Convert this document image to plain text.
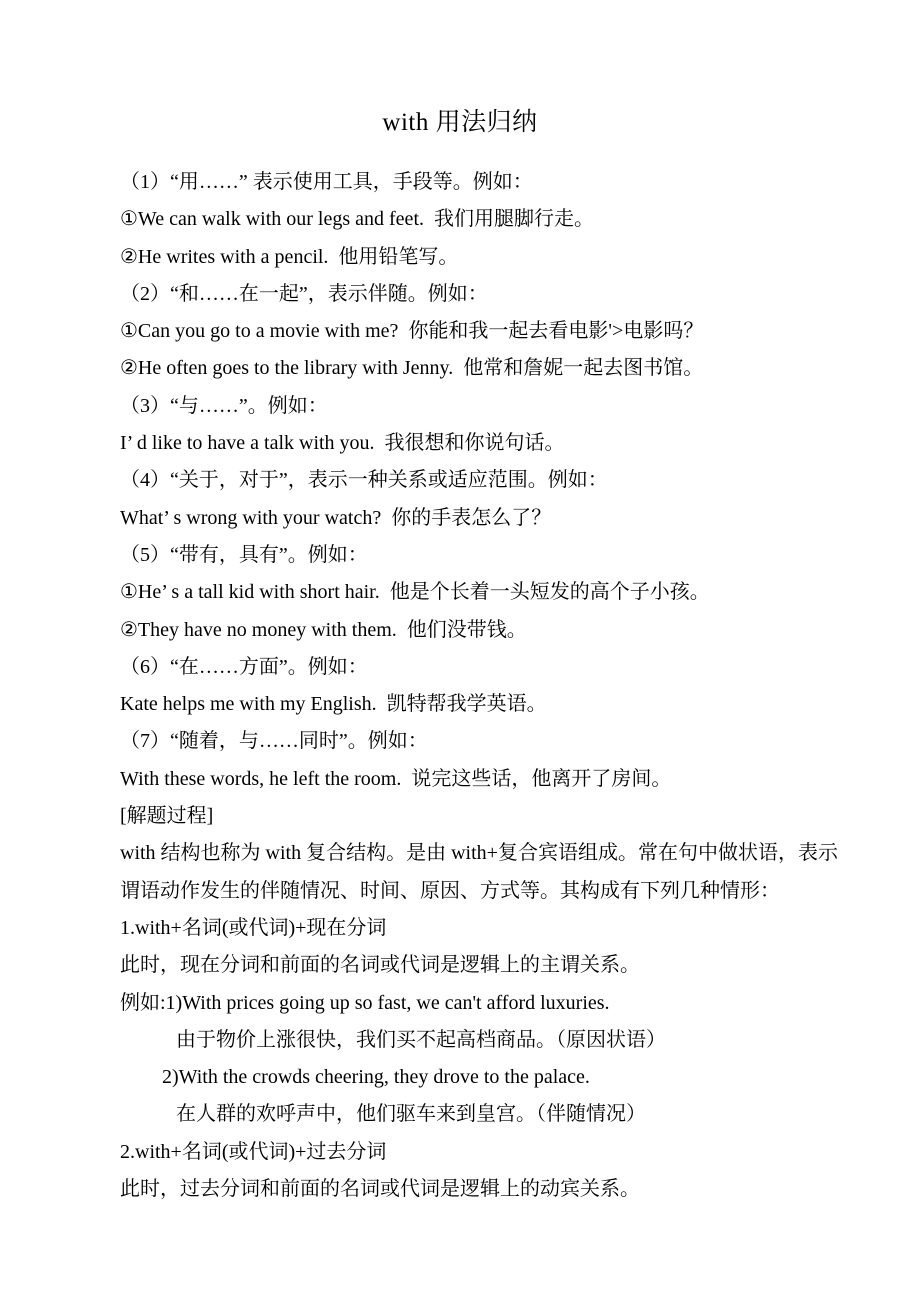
with 用法归纳
（1）“用……” 表示使用工具，手段等。例如：
①We can walk with our legs and feet.  我们用腿脚行走。
②He writes with a pencil.  他用铅笔写。
（2）“和……在一起”，表示伴随。例如：
①Can you go to a movie with me?  你能和我一起去看电影'>电影吗？
②He often goes to the library with Jenny.  他常和詹妮一起去图书馆。
（3）“与……”。例如：
I’ d like to have a talk with you.  我很想和你说句话。
（4）“关于，对于”，表示一种关系或适应范围。例如：
What’ s wrong with your watch?  你的手表怎么了？
（5）“带有，具有”。例如：
①He’ s a tall kid with short hair.  他是个长着一头短发的高个子小孩。
②They have no money with them.  他们没带钱。
（6）“在……方面”。例如：
Kate helps me with my English.  凯特帮我学英语。
（7）“随着，与……同时”。例如：
With these words, he left the room.  说完这些话，他离开了房间。
[解题过程]
with 结构也称为 with 复合结构。是由 with+复合宾语组成。常在句中做状语，表示
谓语动作发生的伴随情况、时间、原因、方式等。其构成有下列几种情形：
1.with+名词(或代词)+现在分词
此时，现在分词和前面的名词或代词是逻辑上的主谓关系。
例如:1)With prices going up so fast, we can't afford luxuries.
由于物价上涨很快，我们买不起高档商品。（原因状语）
2)With the crowds cheering, they drove to the palace.
在人群的欢呼声中，他们驱车来到皇宫。（伴随情况）
2.with+名词(或代词)+过去分词
此时，过去分词和前面的名词或代词是逻辑上的动宾关系。
